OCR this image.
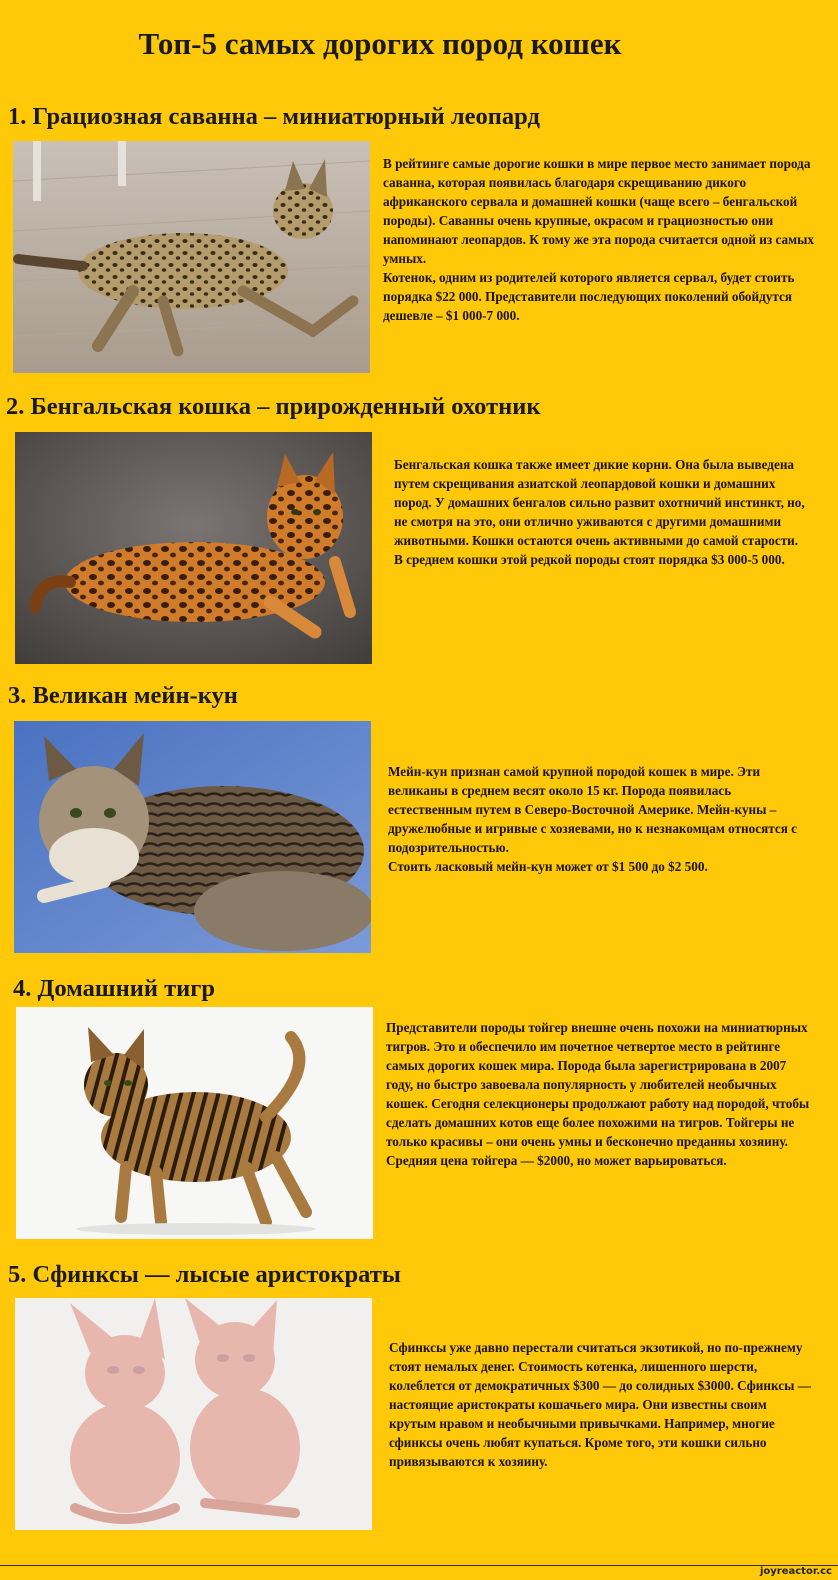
Топ-5 самых дорогих пород кошек
1. Грациозная саванна – миниатюрный леопард

В рейтинге самые дорогие кошки в мире первое место занимает порода саванна, которая появилась благодаря скрещиванию дикого африканского сервала и домашней кошки (чаще всего – бенгальской породы). Саванны очень крупные, окрасом и грациозностью они напоминают леопардов. К тому же эта порода считается одной из самых умных.

Котенок, одним из родителей которого является сервал, будет стоить порядка $22 000. Представители последующих поколений обойдутся дешевле – $1 000-7 000.

2. Бенгальская кошка – прирожденный охотник

Бенгальская кошка также имеет дикие корни. Она была выведена путем скрещивания азиатской леопардовой кошки и домашних пород. У домашних бенгалов сильно развит охотничий инстинкт, но, не смотря на это, они отлично уживаются с другими домашними животными. Кошки остаются очень активными до самой старости.

В среднем кошки этой редкой породы стоят порядка $3 000-5 000.

3. Великан мейн-кун

Мейн-кун признан самой крупной породой кошек в мире. Эти великаны в среднем весят около 15 кг. Порода появилась естественным путем в Северо-Восточной Америке. Мейн-куны – дружелюбные и игривые с хозяевами, но к незнакомцам относятся с подозрительностью.

Стоить ласковый мейн-кун может от $1 500 до $2 500.

4. Домашний тигр

Представители породы тойгер внешне очень похожи на миниатюрных тигров. Это и обеспечило им почетное четвертое место в рейтинге самых дорогих кошек мира. Порода была зарегистрирована в 2007 году, но быстро завоевала популярность у любителей необычных кошек. Сегодня селекционеры продолжают работу над породой, чтобы сделать домашних котов еще более похожими на тигров. Тойгеры не только красивы – они очень умны и бесконечно преданны хозяину.

Средняя цена тойгера — $2000, но может варьироваться.

5. Сфинксы — лысые аристократы

Сфинксы уже давно перестали считаться экзотикой, но по-прежнему стоят немалых денег. Стоимость котенка, лишенного шерсти, колеблется от демократичных $300 — до солидных $3000. Сфинксы — настоящие аристократы кошачьего мира. Они известны своим крутым нравом и необычными привычками. Например, многие сфинксы очень любят купаться. Кроме того, эти кошки сильно привязываются к хозяину.

joyreactor.cc
